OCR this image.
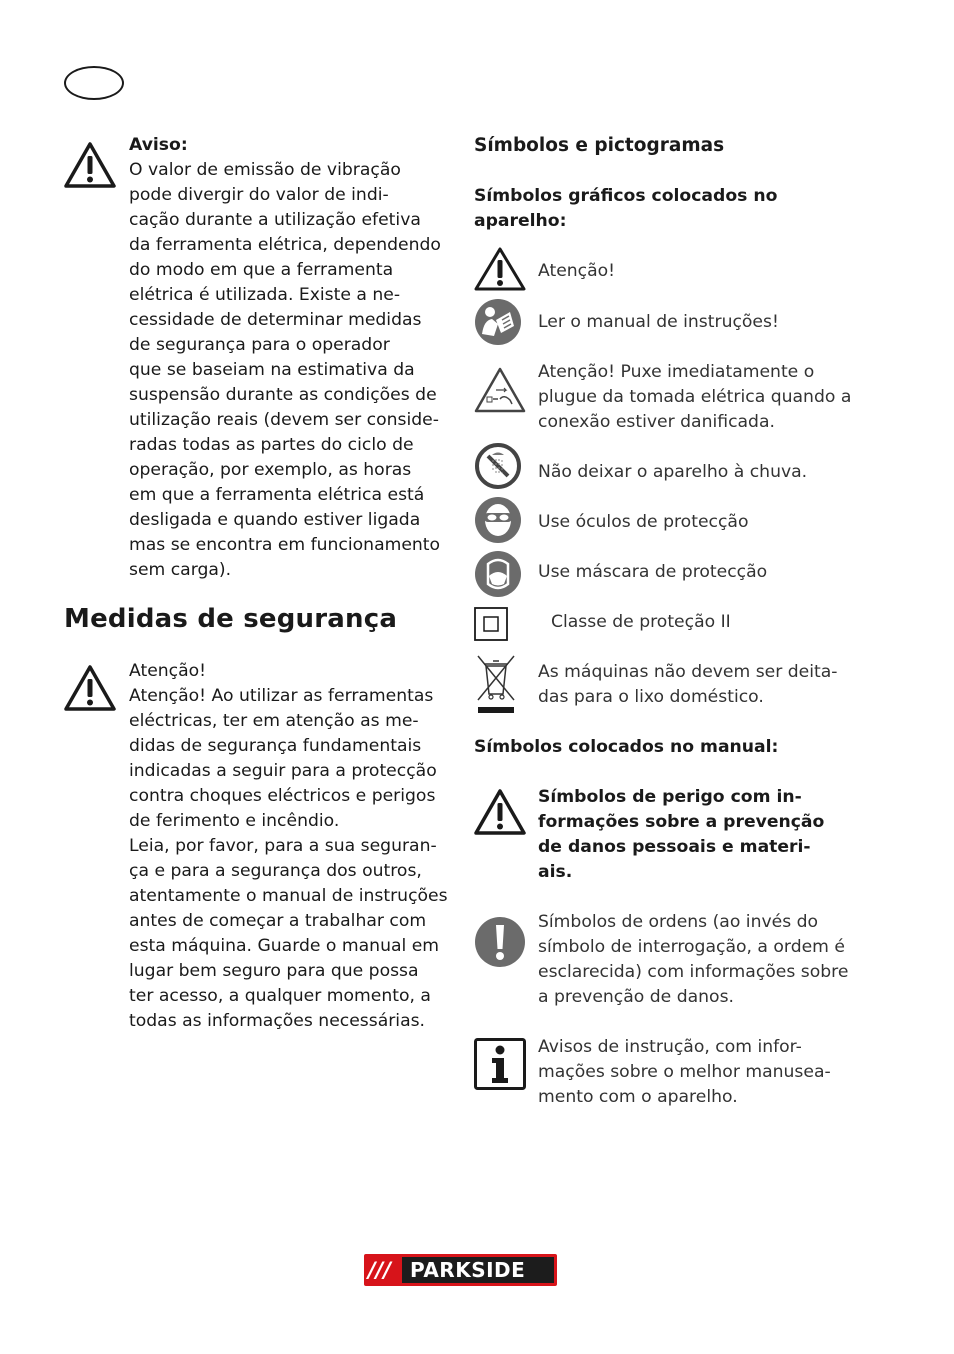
Aviso:
O valor de emissão de vibração
pode divergir do valor de indi-
cação durante a utilização efetiva
da ferramenta elétrica, dependendo
do modo em que a ferramenta
elétrica é utilizada. Existe a ne-
cessidade de determinar medidas
de segurança para o operador
que se baseiam na estimativa da
suspensão durante as condições de
utilização reais (devem ser conside-
radas todas as partes do ciclo de
operação, por exemplo, as horas
em que a ferramenta elétrica está
desligada e quando estiver ligada
mas se encontra em funcionamento
sem carga).
Medidas de segurança
Atenção!
Atenção! Ao utilizar as ferramentas
eléctricas, ter em atenção as me-
didas de segurança fundamentais
indicadas a seguir para a protecção
contra choques eléctricos e perigos
de ferimento e incêndio.
Leia, por favor, para a sua seguran-
ça e para a segurança dos outros,
atentamente o manual de instruções
antes de começar a trabalhar com
esta máquina. Guarde o manual em
lugar bem seguro para que possa
ter acesso, a qualquer momento, a
todas as informações necessárias.
Símbolos e pictogramas
Símbolos gráficos colocados no
aparelho:
Atenção!
Ler o manual de instruções!
Atenção! Puxe imediatamente o
plugue da tomada elétrica quando a
conexão estiver danificada.
Não deixar o aparelho à chuva.
Use óculos de protecção
Use máscara de protecção
Classe de proteção II
As máquinas não devem ser deita-
das para o lixo doméstico.
Símbolos colocados no manual:
Símbolos de perigo com in-
formações sobre a prevenção
de danos pessoais e materi-
ais.
Símbolos de ordens (ao invés do
símbolo de interrogação, a ordem é
esclarecida) com informações sobre
a prevenção de danos.
Avisos de instrução, com infor-
mações sobre o melhor manusea-
mento com o aparelho.
/// PARKSIDE
